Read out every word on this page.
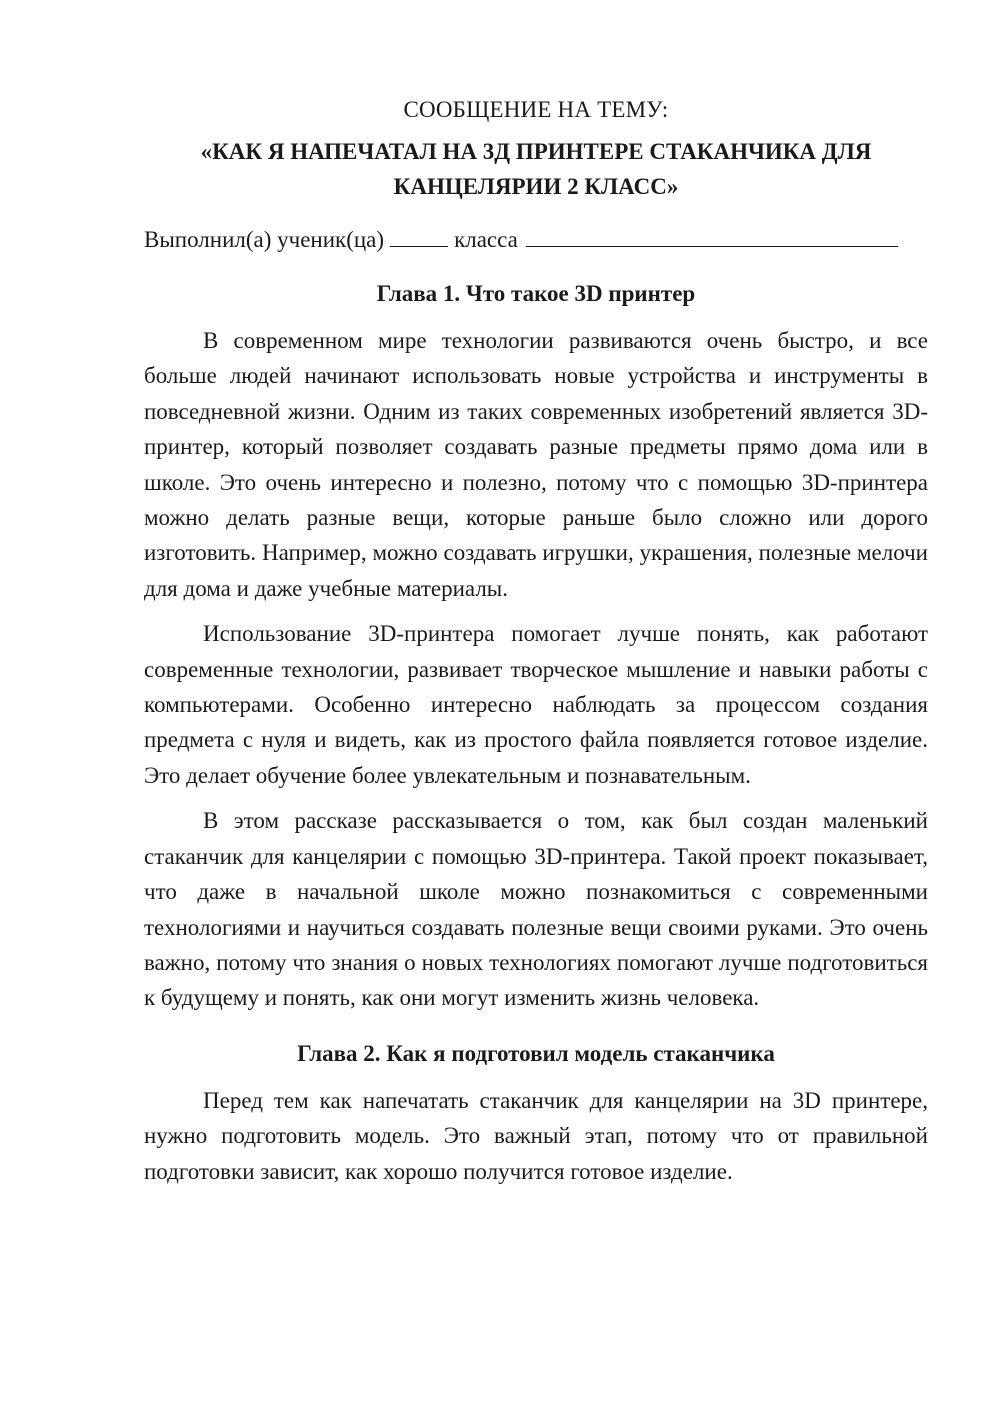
СООБЩЕНИЕ НА ТЕМУ:

«КАК Я НАПЕЧАТАЛ НА 3Д ПРИНТЕРЕ СТАКАНЧИКА ДЛЯ
КАНЦЕЛЯРИИ 2 КЛАСС»

Выполнил(а) ученик(ца)	класса

Глава 1. Что такое 3D принтер

В современном мире технологии развиваются очень быстро, и все больше людей начинают использовать новые устройства и инструменты в повседневной жизни. Одним из таких современных изобретений является 3D-принтер, который позволяет создавать разные предметы прямо дома или в школе. Это очень интересно и полезно, потому что с помощью 3D-принтера можно делать разные вещи, которые раньше было сложно или дорого изготовить. Например, можно создавать игрушки, украшения, полезные мелочи для дома и даже учебные материалы.

Использование 3D-принтера помогает лучше понять, как работают современные технологии, развивает творческое мышление и навыки работы с компьютерами. Особенно интересно наблюдать за процессом создания предмета с нуля и видеть, как из простого файла появляется готовое изделие. Это делает обучение более увлекательным и познавательным.

В этом рассказе рассказывается о том, как был создан маленький стаканчик для канцелярии с помощью 3D-принтера. Такой проект показывает, что даже в начальной школе можно познакомиться с современными технологиями и научиться создавать полезные вещи своими руками. Это очень важно, потому что знания о новых технологиях помогают лучше подготовиться к будущему и понять, как они могут изменить жизнь человека.

Глава 2. Как я подготовил модель стаканчика

Перед тем как напечатать стаканчик для канцелярии на 3D принтере, нужно подготовить модель. Это важный этап, потому что от правильной подготовки зависит, как хорошо получится готовое изделие.
